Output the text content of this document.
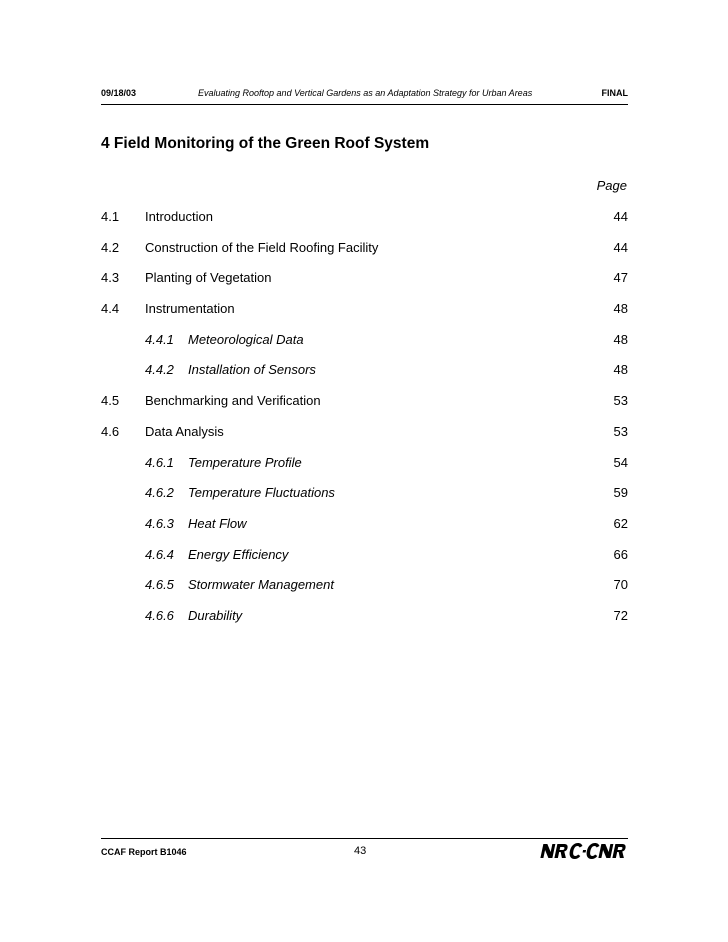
09/18/03	Evaluating Rooftop and Vertical Gardens as an Adaptation Strategy for Urban Areas	FINAL
4 Field Monitoring of the Green Roof System
Page
4.1 Introduction	44
4.2 Construction of the Field Roofing Facility	44
4.3 Planting of Vegetation	47
4.4 Instrumentation	48
4.4.1 Meteorological Data	48
4.4.2 Installation of Sensors	48
4.5 Benchmarking and Verification	53
4.6 Data Analysis	53
4.6.1 Temperature Profile	54
4.6.2 Temperature Fluctuations	59
4.6.3 Heat Flow	62
4.6.4 Energy Efficiency	66
4.6.5 Stormwater Management	70
4.6.6 Durability	72
CCAF Report B1046	43
